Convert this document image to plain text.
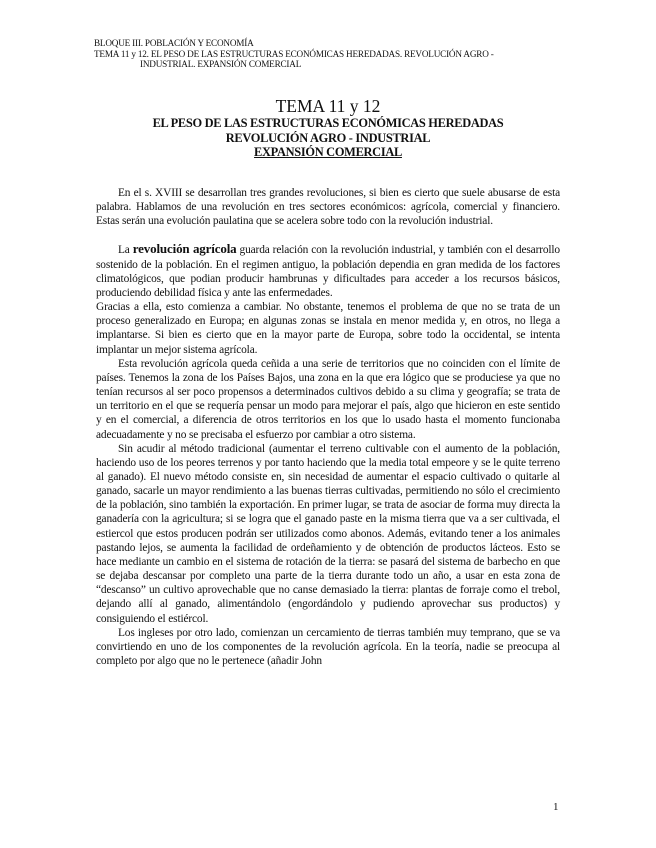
BLOQUE III. POBLACIÓN Y ECONOMÍA
TEMA 11 y 12. EL PESO DE LAS ESTRUCTURAS ECONÓMICAS HEREDADAS. REVOLUCIÓN AGRO -
INDUSTRIAL. EXPANSIÓN COMERCIAL
TEMA 11 y 12
EL PESO DE LAS ESTRUCTURAS ECONÓMICAS HEREDADAS
REVOLUCIÓN AGRO - INDUSTRIAL
EXPANSIÓN COMERCIAL

En el s. XVIII se desarrollan tres grandes revoluciones, si bien es cierto que suele abusarse de esta palabra. Hablamos de una revolución en tres sectores económicos: agrícola, comercial y financiero. Estas serán una evolución paulatina que se acelera sobre todo con la revolución industrial.

La revolución agrícola guarda relación con la revolución industrial, y también con el desarrollo sostenido de la población. En el regimen antiguo, la población dependia en gran medida de los factores climatológicos, que podian producir hambrunas y dificultades para acceder a los recursos básicos, produciendo debilidad física y ante las enfermedades.

Gracias a ella, esto comienza a cambiar. No obstante, tenemos el problema de que no se trata de un proceso generalizado en Europa; en algunas zonas se instala en menor medida y, en otros, no llega a implantarse. Si bien es cierto que en la mayor parte de Europa, sobre todo la occidental, se intenta implantar un mejor sistema agrícola.

Esta revolución agrícola queda ceñida a una serie de territorios que no coinciden con el límite de países. Tenemos la zona de los Países Bajos, una zona en la que era lógico que se produciese ya que no tenían recursos al ser poco propensos a determinados cultivos debido a su clima y geografía; se trata de un territorio en el que se requería pensar un modo para mejorar el país, algo que hicieron en este sentido y en el comercial, a diferencia de otros territorios en los que lo usado hasta el momento funcionaba adecuadamente y no se precisaba el esfuerzo por cambiar a otro sistema.

Sin acudir al método tradicional (aumentar el terreno cultivable con el aumento de la población, haciendo uso de los peores terrenos y por tanto haciendo que la media total empeore y se le quite terreno al ganado). El nuevo método consiste en, sin necesidad de aumentar el espacio cultivado o quitarle al ganado, sacarle un mayor rendimiento a las buenas tierras cultivadas, permitiendo no sólo el crecimiento de la población, sino también la exportación. En primer lugar, se trata de asociar de forma muy directa la ganadería con la agricultura; si se logra que el ganado paste en la misma tierra que va a ser cultivada, el estiercol que estos producen podrán ser utilizados como abonos. Además, evitando tener a los animales pastando lejos, se aumenta la facilidad de ordeñamiento y de obtención de productos lácteos. Esto se hace mediante un cambio en el sistema de rotación de la tierra: se pasará del sistema de barbecho en que se dejaba descansar por completo una parte de la tierra durante todo un año, a usar en esta zona de “descanso” un cultivo aprovechable que no canse demasiado la tierra: plantas de forraje como el trebol, dejando allí al ganado, alimentándolo (engordándolo y pudiendo aprovechar sus productos) y consiguiendo el estiércol.

Los ingleses por otro lado, comienzan un cercamiento de tierras también muy temprano, que se va convirtiendo en uno de los componentes de la revolución agrícola. En la teoría, nadie se preocupa al completo por algo que no le pertenece (añadir John

1
